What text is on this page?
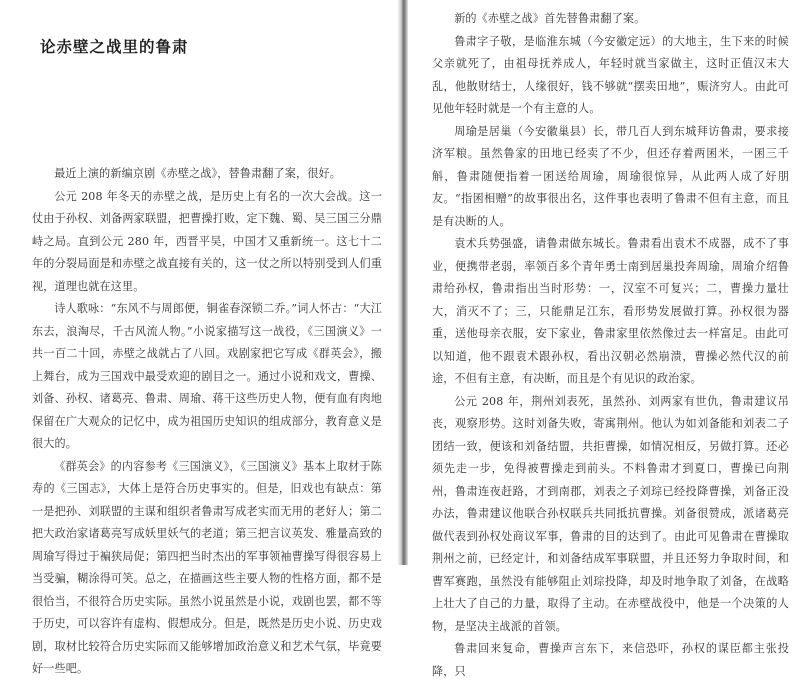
论赤壁之战里的鲁肃

最近上演的新编京剧《赤壁之战》，替鲁肃翻了案，很好。

公元 208 年冬天的赤壁之战，是历史上有名的一次大会战。这一仗由于孙权、刘备两家联盟，把曹操打败，定下魏、蜀、吴三国三分鼎峙之局。直到公元 280 年，西晋平吴，中国才又重新统一。这七十二年的分裂局面是和赤壁之战直接有关的，这一仗之所以特别受到人们重视，道理也就在这里。

诗人歌咏：“东风不与周郎便，铜雀春深锁二乔。”词人怀古：“大江东去，浪淘尽，千古风流人物。”小说家描写这一战役，《三国演义》一共一百二十回，赤壁之战就占了八回。戏剧家把它写成《群英会》，搬上舞台，成为三国戏中最受欢迎的剧目之一。通过小说和戏文，曹操、刘备、孙权、诸葛亮、鲁肃、周瑜、蒋干这些历史人物，便有血有肉地保留在广大观众的记忆中，成为祖国历史知识的组成部分，教育意义是很大的。

《群英会》的内容参考《三国演义》，《三国演义》基本上取材于陈寿的《三国志》，大体上是符合历史事实的。但是，旧戏也有缺点：第一是把孙、刘联盟的主谋和组织者鲁肃写成老实而无用的老好人；第二把大政治家诸葛亮写成妖里妖气的老道；第三把言议英发、雅量高致的周瑜写得过于褊狭局促；第四把当时杰出的军事领袖曹操写得很容易上当受骗，糊涂得可笑。总之，在描画这些主要人物的性格方面，都不是很恰当，不很符合历史实际。虽然小说虽然是小说，戏剧也罢，都不等于历史，可以容许有虚构、假想成分。但是，既然是历史小说、历史戏剧，取材比较符合历史实际而又能够增加政治意义和艺术气氛，毕竟要好一些吧。

新的《赤壁之战》首先替鲁肃翻了案。

鲁肃字子敬，是临淮东城（今安徽定远）的大地主，生下来的时候父亲就死了，由祖母抚养成人，年轻时就当家做主，这时正值汉末大乱，他散财结士，人缘很好，钱不够就“摆卖田地”，赈济穷人。由此可见他年轻时就是一个有主意的人。

周瑜是居巢（今安徽巢县）长，带几百人到东城拜访鲁肃，要求接济军粮。虽然鲁家的田地已经卖了不少，但还存着两囷米，一囷三千斛，鲁肃随便指着一囷送给周瑜，周瑜很惊异，从此两人成了好朋友。“指囷相赠”的故事很出名，这件事也表明了鲁肃不但有主意，而且是有决断的人。

袁术兵势强盛，请鲁肃做东城长。鲁肃看出袁术不成器，成不了事业，便携带老弱，率领百多个青年勇士南到居巢投奔周瑜，周瑜介绍鲁肃给孙权，鲁肃指出当时形势：一，汉室不可复兴；二，曹操力量壮大，消灭不了；三，只能鼎足江东，看形势发展做打算。孙权很为器重，送他母亲衣服，安下家业，鲁肃家里依然像过去一样富足。由此可以知道，他不跟袁术跟孙权，看出汉朝必然崩溃，曹操必然代汉的前途，不但有主意，有决断，而且是个有见识的政治家。

公元 208 年，荆州刘表死，虽然孙、刘两家有世仇，鲁肃建议吊丧，观察形势。这时刘备失败，寄寓荆州。他认为如刘备能和刘表二子团结一致，便该和刘备结盟，共拒曹操，如情况相反，另做打算。还必须先走一步，免得被曹操走到前头。不料鲁肃才到夏口，曹操已向荆州，鲁肃连夜赶路，才到南郡，刘表之子刘琮已经投降曹操，刘备正没办法，鲁肃建议他联合孙权联兵共同抵抗曹操。刘备很赞成，派诸葛亮做代表到孙权处商议军事，鲁肃的目的达到了。由此可见鲁肃在曹操取荆州之前，已经定计，和刘备结成军事联盟，并且还努力争取时间，和曹军赛跑，虽然没有能够阻止刘琮投降，却及时地争取了刘备，在战略上壮大了自己的力量，取得了主动。在赤壁战役中，他是一个决策的人物，是坚决主战派的首领。

鲁肃回来复命，曹操声言东下，来信恐吓，孙权的谋臣都主张投降，只
